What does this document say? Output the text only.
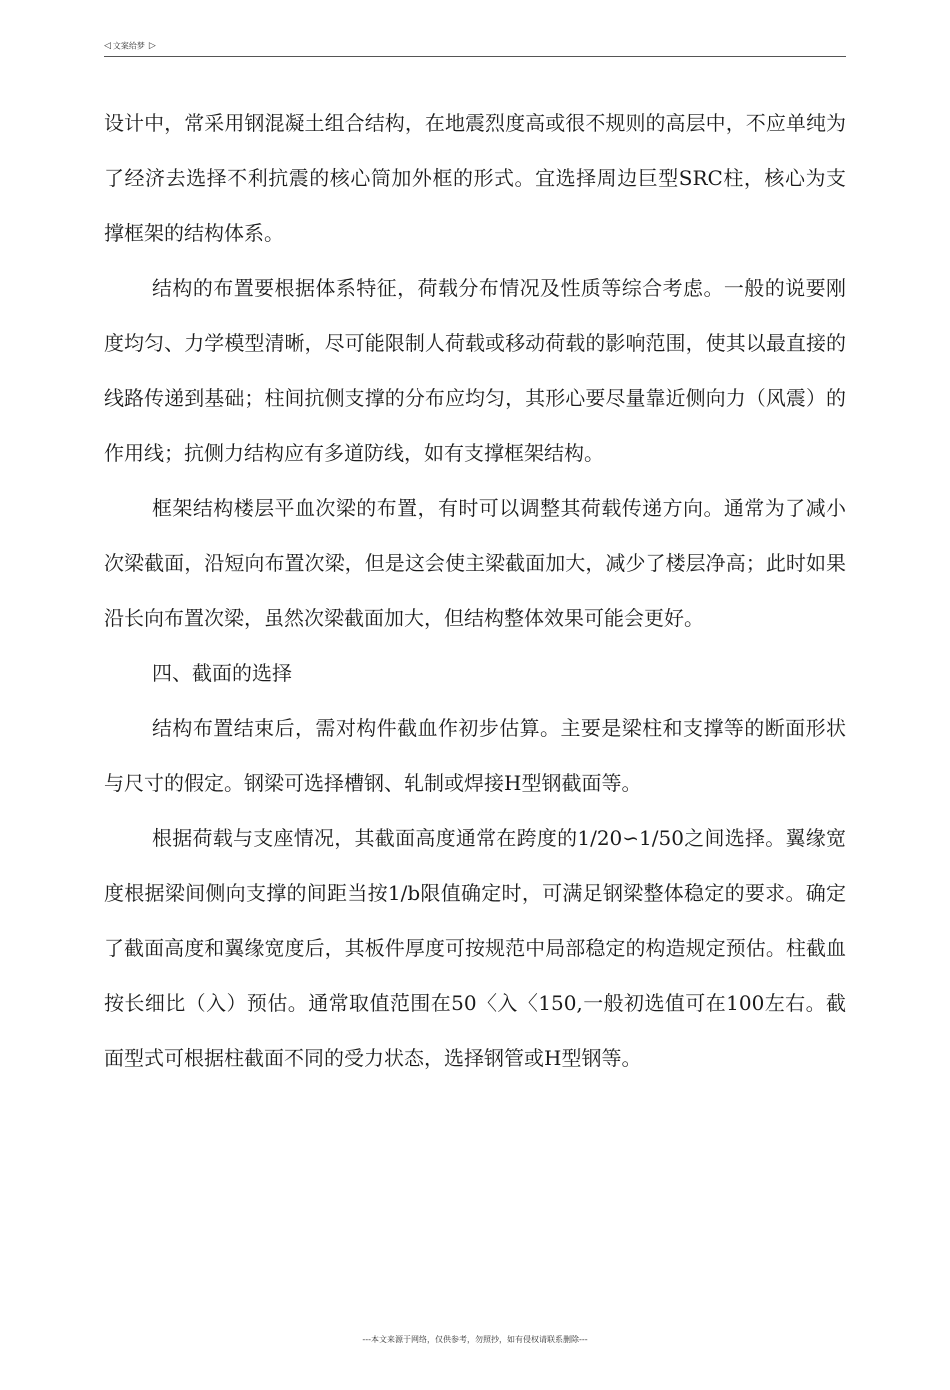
◁ 文案给梦 ▷

设计中，常采用钢混凝土组合结构，在地震烈度高或很不规则的高层中，不应单纯为了经济去选择不利抗震的核心筒加外框的形式。宜选择周边巨型SRC柱，核心为支撑框架的结构体系。

结构的布置要根据体系特征，荷载分布情况及性质等综合考虑。一般的说要刚度均匀、力学模型清晰，尽可能限制人荷载或移动荷载的影响范围，使其以最直接的线路传递到基础；柱间抗侧支撑的分布应均匀，其形心要尽量靠近侧向力（风震）的作用线；抗侧力结构应有多道防线，如有支撑框架结构。

框架结构楼层平血次梁的布置，有时可以调整其荷载传递方向。通常为了减小次梁截面，沿短向布置次梁，但是这会使主梁截面加大，减少了楼层净高；此时如果沿长向布置次梁，虽然次梁截面加大，但结构整体效果可能会更好。

四、截面的选择

结构布置结束后，需对构件截血作初步估算。主要是梁柱和支撑等的断面形状与尺寸的假定。钢梁可选择槽钢、轧制或焊接H型钢截面等。

根据荷载与支座情况，其截面高度通常在跨度的1/20∽1/50之间选择。翼缘宽度根据梁间侧向支撑的间距当按1/b限值确定时，可满足钢梁整体稳定的要求。确定了截面高度和翼缘宽度后，其板件厚度可按规范中局部稳定的构造规定预估。柱截血按长细比（入）预估。通常取值范围在50〈入〈150,一般初选值可在100左右。截面型式可根据柱截面不同的受力状态，选择钢管或H型钢等。

---本文来源于网络，仅供参考，勿照抄，如有侵权请联系删除---
